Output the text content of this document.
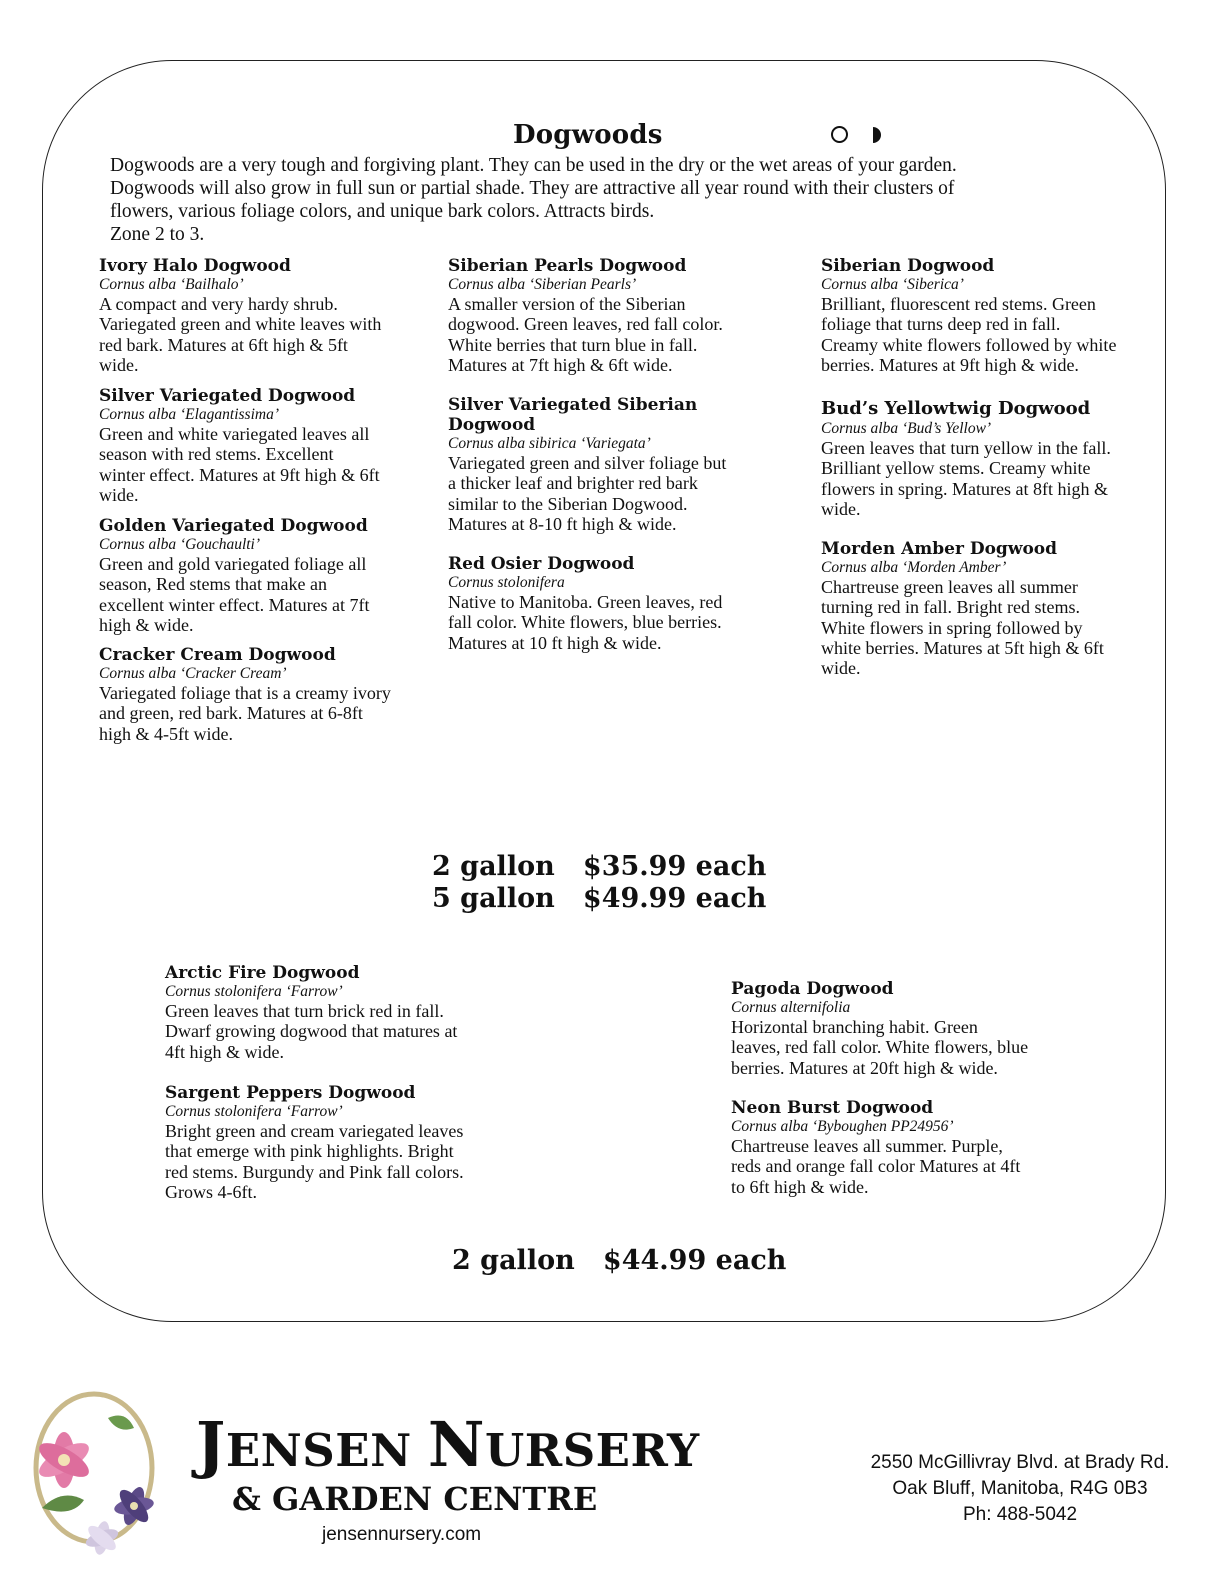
Dogwoods

Dogwoods are a very tough and forgiving plant. They can be used in the dry or the wet areas of your garden.

Dogwoods will also grow in full sun or partial shade. They are attractive all year round with their clusters of

flowers, various foliage colors, and unique bark colors. Attracts birds.

Zone 2 to 3.

Ivory Halo Dogwood
Cornus alba ‘Bailhalo’
A compact and very hardy shrub.
Variegated green and white leaves with
red bark. Matures at 6ft high & 5ft
wide.
Silver Variegated Dogwood
Cornus alba ‘Elagantissima’
Green and white variegated leaves all
season with red stems. Excellent
winter effect. Matures at 9ft high & 6ft
wide.
Golden Variegated Dogwood
Cornus alba ‘Gouchaulti’
Green and gold variegated foliage all
season, Red stems that make an
excellent winter effect. Matures at 7ft
high & wide.
Cracker Cream Dogwood
Cornus alba ‘Cracker Cream’
Variegated foliage that is a creamy ivory
and green, red bark. Matures at 6-8ft
high & 4-5ft wide.
Siberian Pearls Dogwood
Cornus alba ‘Siberian Pearls’
A smaller version of the Siberian
dogwood. Green leaves, red fall color.
White berries that turn blue in fall.
Matures at 7ft high & 6ft wide.
Silver Variegated Siberian
Dogwood
Cornus alba sibirica ‘Variegata’
Variegated green and silver foliage but
a thicker leaf and brighter red bark
similar to the Siberian Dogwood.
Matures at 8-10 ft high & wide.
Red Osier Dogwood
Cornus stolonifera
Native to Manitoba. Green leaves, red
fall color. White flowers, blue berries.
Matures at 10 ft high & wide.
Siberian Dogwood
Cornus alba ‘Siberica’
Brilliant, fluorescent red stems. Green
foliage that turns deep red in fall.
Creamy white flowers followed by white
berries. Matures at 9ft high & wide.
Bud’s Yellowtwig Dogwood
Cornus alba ‘Bud’s Yellow’
Green leaves that turn yellow in the fall.
Brilliant yellow stems. Creamy white
flowers in spring. Matures at 8ft high &
wide.
Morden Amber Dogwood
Cornus alba ‘Morden Amber’
Chartreuse green leaves all summer
turning red in fall. Bright red stems.
White flowers in spring followed by
white berries. Matures at 5ft high & 6ft
wide.
2 gallon   $35.99 each
5 gallon   $49.99 each
Arctic Fire Dogwood
Cornus stolonifera ‘Farrow’
Green leaves that turn brick red in fall.
Dwarf growing dogwood that matures at
4ft high & wide.
Sargent Peppers Dogwood
Cornus stolonifera ‘Farrow’
Bright green and cream variegated leaves
that emerge with pink highlights. Bright
red stems. Burgundy and Pink fall colors.
Grows 4-6ft.
Pagoda Dogwood
Cornus alternifolia
Horizontal branching habit. Green
leaves, red fall color. White flowers, blue
berries. Matures at 20ft high & wide.
Neon Burst Dogwood
Cornus alba ‘Byboughen PP24956’
Chartreuse leaves all summer. Purple,
reds and orange fall color Matures at 4ft
to 6ft high & wide.
2 gallon   $44.99 each
JENSEN NURSERY
& GARDEN CENTRE
jensennursery.com
2550 McGillivray Blvd. at Brady Rd.
Oak Bluff, Manitoba, R4G 0B3
Ph: 488-5042
